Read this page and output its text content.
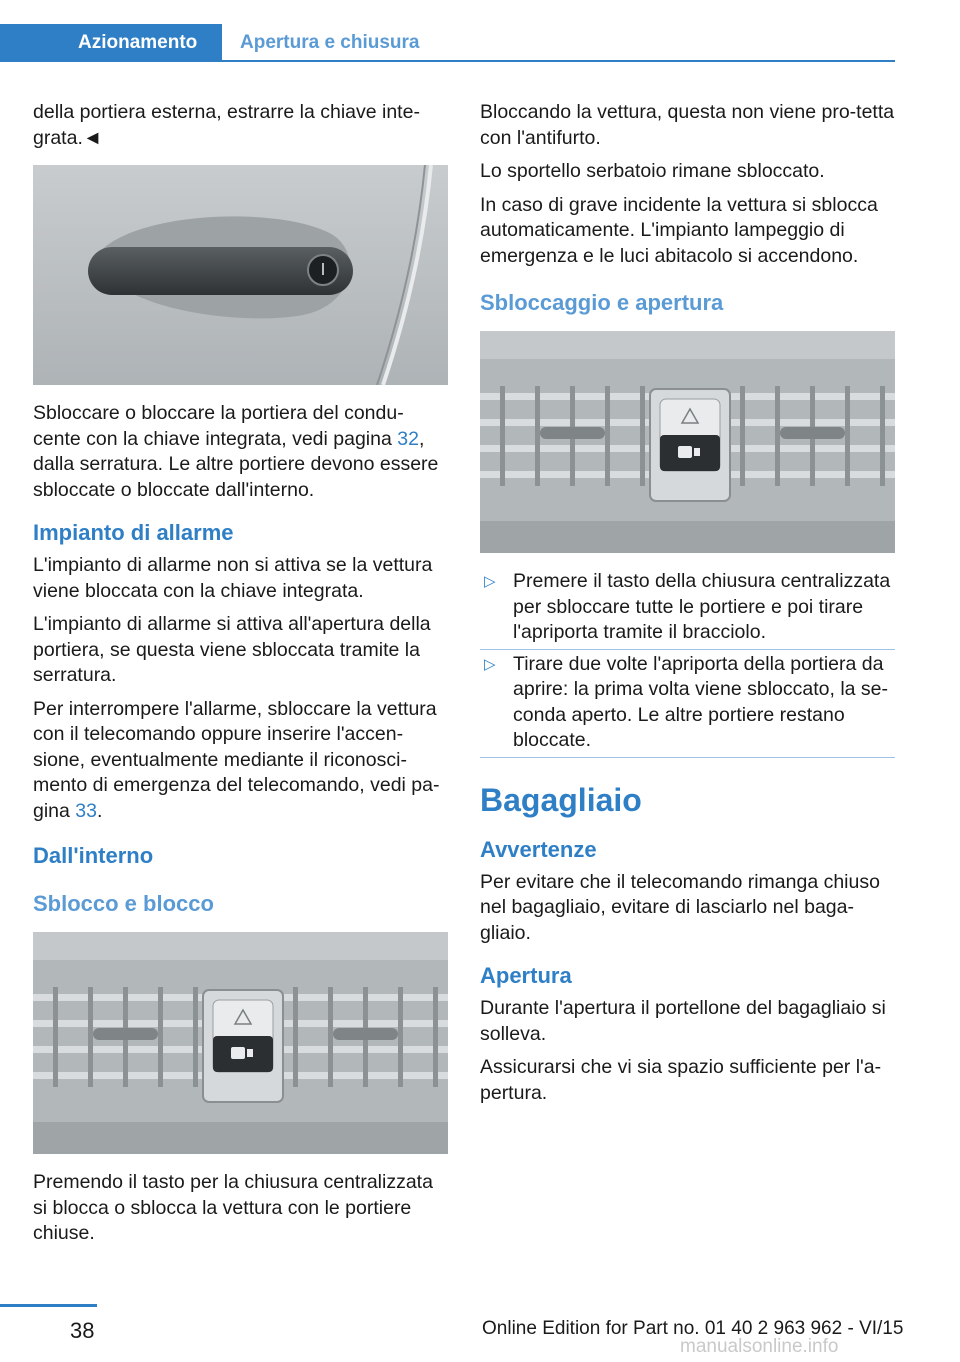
Azionamento	Apertura e chiusura

della portiera esterna, estrarre la chiave inte-grata.◄

Sbloccare o bloccare la portiera del condu-cente con la chiave integrata, vedi pagina 32, dalla serratura. Le altre portiere devono essere sbloccate o bloccate dall'interno.

Impianto di allarme

L'impianto di allarme non si attiva se la vettura viene bloccata con la chiave integrata.

L'impianto di allarme si attiva all'apertura della portiera, se questa viene sbloccata tramite la serratura.

Per interrompere l'allarme, sbloccare la vettura con il telecomando oppure inserire l'accen-sione, eventualmente mediante il riconosci-mento di emergenza del telecomando, vedi pa-gina 33.

Dall'interno
Sblocco e blocco

Premendo il tasto per la chiusura centralizzata si blocca o sblocca la vettura con le portiere chiuse.

Bloccando la vettura, questa non viene pro-tetta con l'antifurto.

Lo sportello serbatoio rimane sbloccato.

In caso di grave incidente la vettura si sblocca automaticamente. L'impianto lampeggio di emergenza e le luci abitacolo si accendono.

Sbloccaggio e apertura
▷ Premere il tasto della chiusura centralizzata per sbloccare tutte le portiere e poi tirare l'apriporta tramite il bracciolo.
▷ Tirare due volte l'apriporta della portiera da aprire: la prima volta viene sbloccato, la se-conda aperto. Le altre portiere restano bloccate.
Bagagliaio
Avvertenze

Per evitare che il telecomando rimanga chiuso nel bagagliaio, evitare di lasciarlo nel baga-gliaio.

Apertura

Durante l'apertura il portellone del bagagliaio si solleva.

Assicurarsi che vi sia spazio sufficiente per l'a-pertura.

38	Online Edition for Part no. 01 40 2 963 962 - VI/15
manualsonline.info
